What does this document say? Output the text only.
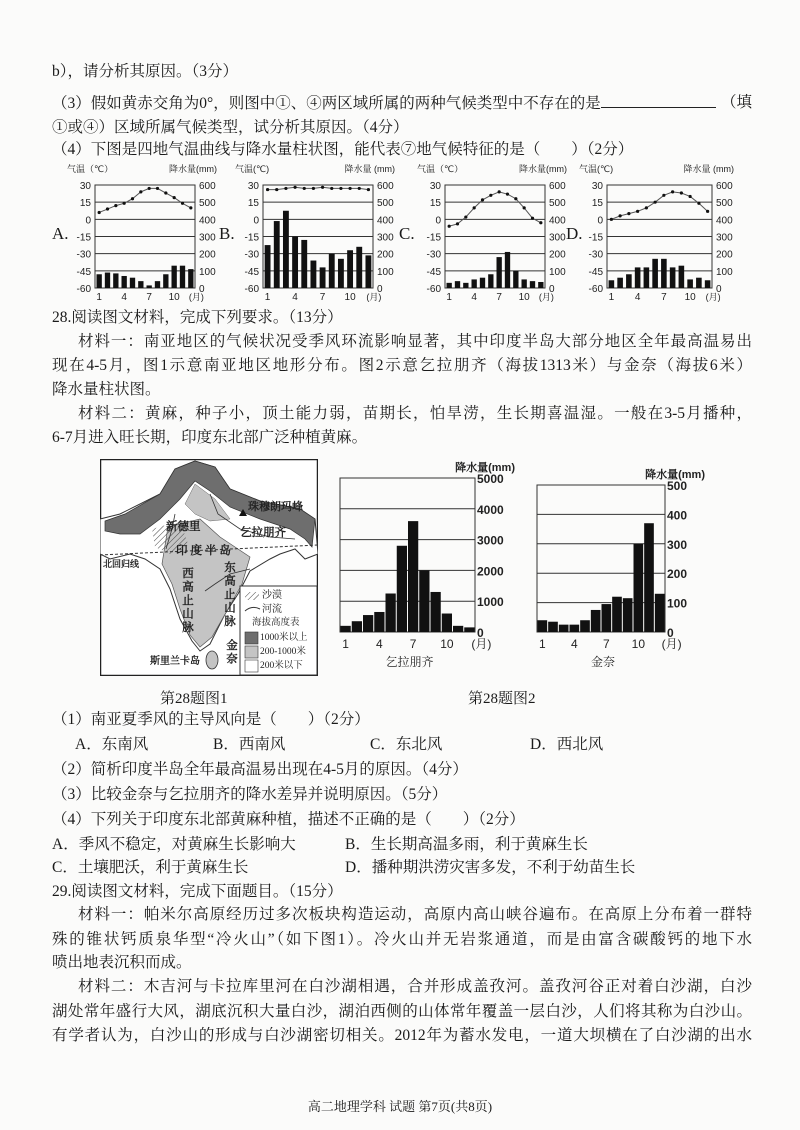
b），请分析其原因。（3分）
（3）假如黄赤交角为0°，则图中①、④两区域所属的两种气候类型中不存在的是	（填
①或④）区域所属气候类型，试分析其原因。（4分）
（4）下图是四地气温曲线与降水量柱状图，能代表⑦地气候特征的是（　　）（2分）
A.	B.	C.	D.
气温（℃）	降水量(mm)
30	600
15	500
0	400
-15	300
-30	200
-45	100
-60	0
1 4 7 10 (月)
气温(℃)	降水量 (mm)
30	600
15	500
0	400
-15	300
-30	200
-45	100
-60	0
1 4 7 10 (月)
气温（℃）	降水量(mm)
30	600
15	500
0	400
-15	300
-30	200
-45	100
-60	0
1 4 7 10 (月)
气温(℃)	降水量 (mm)
30	600
15	500
0	400
-15	300
-30	200
-45	100
-60	0
1 4 7 10 (月)
28.阅读图文材料，完成下列要求。（13分）
材料一：南亚地区的气候状况受季风环流影响显著，其中印度半岛大部分地区全年最高温易出
现在4-5月，图1示意南亚地区地形分布。图2示意乞拉朋齐（海拔1313米）与金奈（海拔6米）
降水量柱状图。
材料二：黄麻，种子小，顶土能力弱，苗期长，怕旱涝，生长期喜温湿。一般在3-5月播种，
6-7月进入旺长期，印度东北部广泛种植黄麻。
珠穆朗玛峰
新德里	乞拉朋齐
印度半岛
北回归线	东高止山脉
西高止山脉
金奈
斯里兰卡岛
沙漠
河流
海拔高度表
1000米以上
200-1000米
200米以下
降水量(mm)
5000
4000
3000
2000
1000
0
1 4 7 10 (月)
乞拉朋齐
降水量(mm)
500
400
300
200
100
0
1 4 7 10 (月)
金奈
第28题图1	第28题图2
（1）南亚夏季风的主导风向是（　　）（2分）
A．东南风	B．西南风	C．东北风	D．西北风
（2）简析印度半岛全年最高温易出现在4-5月的原因。（4分）
（3）比较金奈与乞拉朋齐的降水差异并说明原因。（5分）
（4）下列关于印度东北部黄麻种植，描述不正确的是（　　）（2分）
A．季风不稳定，对黄麻生长影响大	B．生长期高温多雨，利于黄麻生长
C．土壤肥沃，利于黄麻生长	D．播种期洪涝灾害多发，不利于幼苗生长
29.阅读图文材料，完成下面题目。（15分）
材料一：帕米尔高原经历过多次板块构造运动，高原内高山峡谷遍布。在高原上分布着一群特
殊的锥状钙质泉华型“冷火山”（如下图1）。冷火山并无岩浆通道，而是由富含碳酸钙的地下水
喷出地表沉积而成。
材料二：木吉河与卡拉库里河在白沙湖相遇，合并形成盖孜河。盖孜河谷正对着白沙湖，白沙
湖处常年盛行大风，湖底沉积大量白沙，湖泊西侧的山体常年覆盖一层白沙，人们将其称为白沙山。
有学者认为，白沙山的形成与白沙湖密切相关。2012年为蓄水发电，一道大坝横在了白沙湖的出水
高二地理学科 试题 第7页(共8页)
